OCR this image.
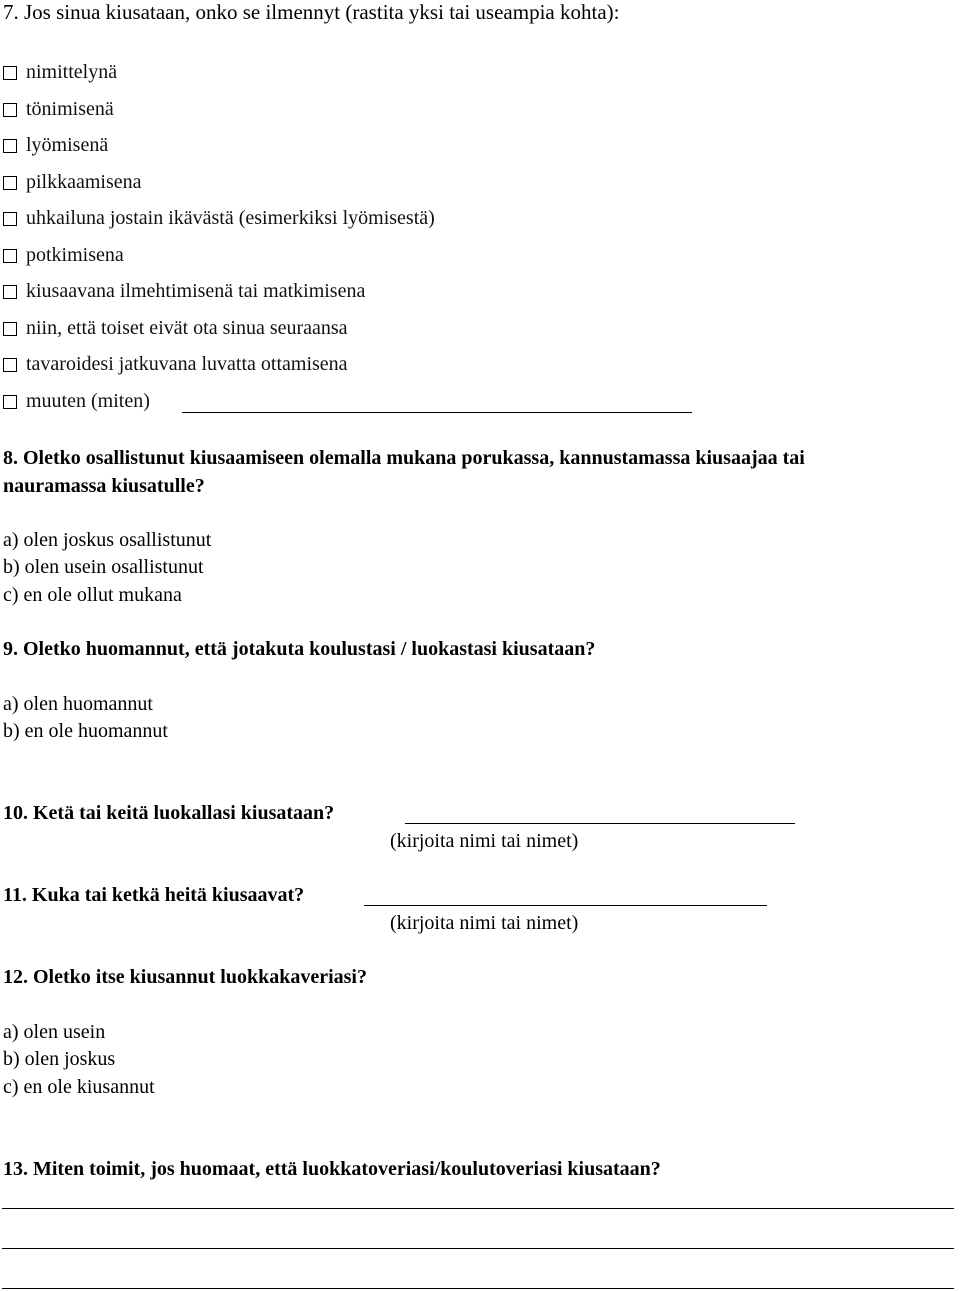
7. Jos sinua kiusataan, onko se ilmennyt (rastita yksi tai useampia kohta):
nimittelynä
tönimisenä
lyömisenä
pilkkaamisena
uhkailuna jostain ikävästä (esimerkiksi lyömisestä)
potkimisena
kiusaavana ilmehtimisenä tai matkimisena
niin, että toiset eivät ota sinua seuraansa
tavaroidesi jatkuvana luvatta ottamisena
muuten (miten)
8. Oletko osallistunut kiusaamiseen olemalla mukana porukassa, kannustamassa kiusaajaa tai
nauramassa kiusatulle?
a) olen joskus osallistunut
b) olen usein osallistunut
c) en ole ollut mukana
9. Oletko huomannut, että jotakuta koulustasi / luokastasi kiusataan?
a) olen huomannut
b) en ole huomannut
10. Ketä tai keitä luokallasi kiusataan?
(kirjoita nimi tai nimet)
11. Kuka tai ketkä heitä kiusaavat?
(kirjoita nimi tai nimet)
12. Oletko itse kiusannut luokkakaveriasi?
a) olen usein
b) olen joskus
c) en ole kiusannut
13. Miten toimit, jos huomaat, että luokkatoveriasi/koulutoveriasi kiusataan?
